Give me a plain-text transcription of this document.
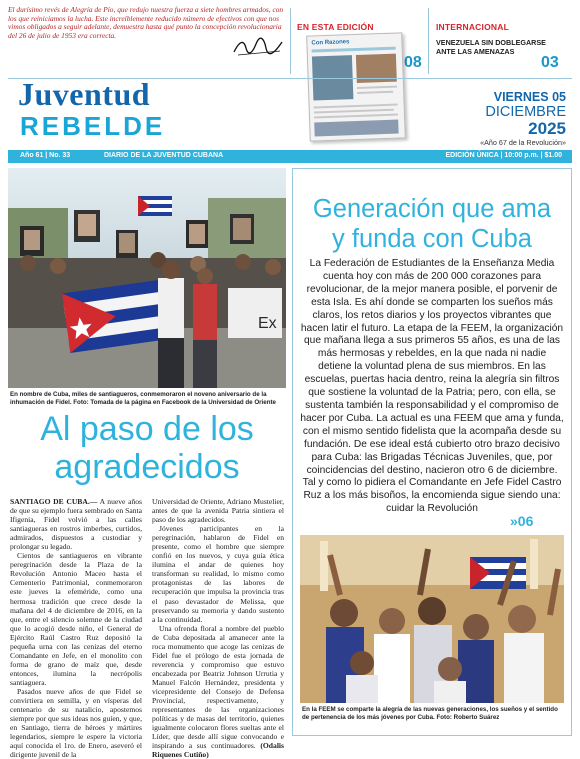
El durísimo revés de Alegría de Pío, que redujo nuestra fuerza a siete hombres armados, con los que reiniciamos la lucha. Este increíblemente reducido número de efectivos con que nos vimos obligados a seguir adelante, demuestra hasta qué punto la concepción revolucionaria del 26 de julio de 1953 era correcta.
EN ESTA EDICIÓN
08
Con Razones
INTERNACIONAL
VENEZUELA SIN DOBLEGARSE ANTE LAS AMENAZAS
03
Juventud
REBELDE
VIERNES 05
DICIEMBRE
2025
«Año 67 de la Revolución»
Año 61 | No. 33	DIARIO DE LA JUVENTUD CUBANA	EDICIÓN ÚNICA | 10:00 p.m. | $1.00
Ex
En nombre de Cuba, miles de santiagueros, conmemoraron el noveno aniversario de la inhumación de Fidel. Foto: Tomada de la página en Facebook de la Universidad de Oriente
Al paso de los
agradecidos

SANTIAGO DE CUBA.— A nueve años de que su ejemplo fuera sembrado en Santa Ifigenia, Fidel volvió a las calles santiagueras en rostros imberbes, curtidos, admirados, dispuestos a custodiar y prolongar su legado.

Cientos de santiagueros en vibrante peregrinación desde la Plaza de la Revolución Antonio Maceo hasta el Cementerio Patrimonial, conmemoraron este jueves la efeméride, como una hermosa tradición que crece desde la mañana del 4 de diciembre de 2016, en la que, entre el silencio solemne de la ciudad que lo acogió desde niño, el General de Ejército Raúl Castro Ruz depositó la pequeña urna con las cenizas del eterno Comandante en Jefe, en el monolito con forma de grano de maíz que, desde entonces, ilumina la necrópolis santiaguera.

Pasados nueve años de que Fidel se convirtiera en semilla, y en vísperas del centenario de su natalicio, apostemos siempre por que sus ideas nos guíen, y que, en Santiago, tierra de héroes y mártires legendarios, siempre le espere la victoria aquí conocida el 1ro. de Enero, aseveró el dirigente juvenil de la

Universidad de Oriente, Adriano Mustelier, antes de que la avenida Patria sintiera el paso de los agradecidos.

Jóvenes participantes en la peregrinación, hablaron de Fidel en presente, como el hombre que siempre confió en los nuevos, y cuya guía ética ilumina el andar de quienes hoy transforman su realidad, lo mismo como protagonistas de las labores de recuperación que impulsa la provincia tras el paso devastador de Melissa, que preservando su memoria y dando sustento a la continuidad.

Una ofrenda floral a nombre del pueblo de Cuba depositada al amanecer ante la roca monumento que acoge las cenizas de Fidel fue el prólogo de esta jornada de reverencia y compromiso que estuvo encabezada por Beatriz Johnson Urrutia y Manuel Falcón Hernández, presidenta y vicepresidente del Consejo de Defensa Provincial, respectivamente, y representantes de las organizaciones políticas y de masas del territorio, quienes igualmente colocaron flores sueltas ante el Líder, que desde allí sigue convocando e inspirando a sus continuadores. (Odalis Riquenes Cutiño)

Generación que ama
y funda con Cuba
La Federación de Estudiantes de la Enseñanza Media cuenta hoy con más de 200 000 corazones para revolucionar, de la mejor manera posible, el porvenir de esta Isla. Es ahí donde se comparten los sueños más claros, los retos diarios y los proyectos vibrantes que hacen latir el futuro. La etapa de la FEEM, la organización que mañana llega a sus primeros 55 años, es una de las más hermosas y rebeldes, en la que nada ni nadie detiene la voluntad plena de sus miembros. En las escuelas, puertas hacia dentro, reina la alegría sin filtros que sostiene la voluntad de la Patria; pero, con ella, se sustenta también la responsabilidad y el compromiso de hacer por Cuba. La actual es una FEEM que ama y funda, con el mismo sentido fidelista que la acompaña desde su fundación. De ese ideal está cubierto otro brazo decisivo para Cuba: las Brigadas Técnicas Juveniles, que, por coincidencias del destino, nacieron otro 6 de diciembre. Tal y como lo pidiera el Comandante en Jefe Fidel Castro Ruz a los más bisoños, la encomienda sigue siendo una: cuidar la Revolución
»06
En la FEEM se comparte la alegría de las nuevas generaciones, los sueños y el sentido de pertenencia de los más jóvenes por Cuba. Foto: Roberto Suárez
